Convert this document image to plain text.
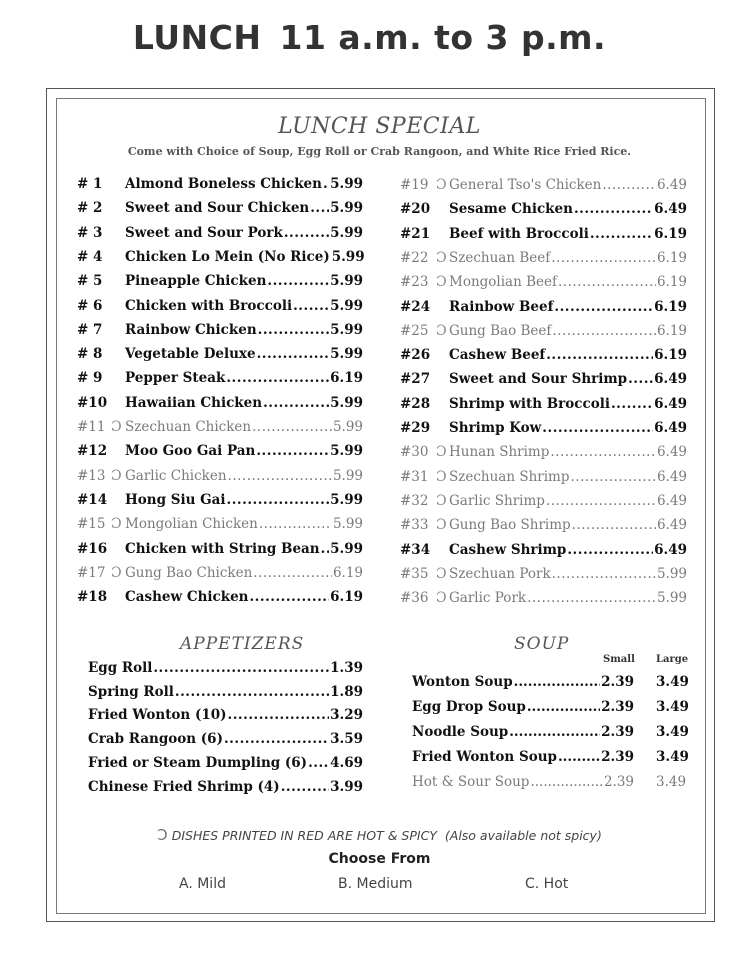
LUNCH 11 a.m. to 3 p.m.
LUNCH SPECIAL
Come with Choice of Soup, Egg Roll or Crab Rangoon, and White Rice Fried Rice.
# 1 Almond Boneless Chicken ..... 5.99
# 2 Sweet and Sour Chicken ..... 5.99
# 3 Sweet and Sour Pork .....	5.99
# 4 Chicken Lo Mein (No Rice) 5.99
# 5 Pineapple Chicken .....	5.99
# 6 Chicken with Broccoli .....	5.99
# 7 Rainbow Chicken .....	5.99
# 8 Vegetable Deluxe .....	5.99
# 9 Pepper Steak .....	6.19
#10 Hawaiian Chicken .....	5.99
#11 Ɔ Szechuan Chicken .....	5.99
#12 Moo Goo Gai Pan .....	5.99
#13 Ɔ Garlic Chicken .....	5.99
#14 Hong Siu Gai .....	5.99
#15 Ɔ Mongolian Chicken .....	5.99
#16 Chicken with String Bean ..... 5.99
#17 Ɔ Gung Bao Chicken .....	6.19
#18 Cashew Chicken .....	6.19
#19 Ɔ General Tso's Chicken .....	6.49
#20 Sesame Chicken .....	6.49
#21 Beef with Broccoli .....	6.19
#22 Ɔ Szechuan Beef .....	6.19
#23 Ɔ Mongolian Beef .....	6.19
#24 Rainbow Beef .....	6.19
#25 Ɔ Gung Bao Beef .....	6.19
#26 Cashew Beef .....	6.19
#27 Sweet and Sour Shrimp ..... 6.49
#28 Shrimp with Broccoli .....	6.49
#29 Shrimp Kow .....	6.49
#30 Ɔ Hunan Shrimp .....	6.49
#31 Ɔ Szechuan Shrimp .....	6.49
#32 Ɔ Garlic Shrimp .....	6.49
#33 Ɔ Gung Bao Shrimp .....	6.49
#34 Cashew Shrimp .....	6.49
#35 Ɔ Szechuan Pork .....	5.99
#36 Ɔ Garlic Pork .....	5.99
APPETIZERS
Egg Roll .....	1.39
Spring Roll .....	1.89
Fried Wonton (10) .....	3.29
Crab Rangoon (6) .....	3.59
Fried or Steam Dumpling (6) ..... 4.69
Chinese Fried Shrimp (4) .....	3.99
SOUP
Small Large
Wonton Soup .....	2.39 3.49
Egg Drop Soup .....	2.39 3.49
Noodle Soup .....	2.39 3.49
Fried Wonton Soup .....	2.39 3.49
Hot & Sour Soup .....	2.39 3.49
Ɔ DISHES PRINTED IN RED ARE HOT & SPICY (Also available not spicy)
Choose From
A. Mild	B. Medium	C. Hot
